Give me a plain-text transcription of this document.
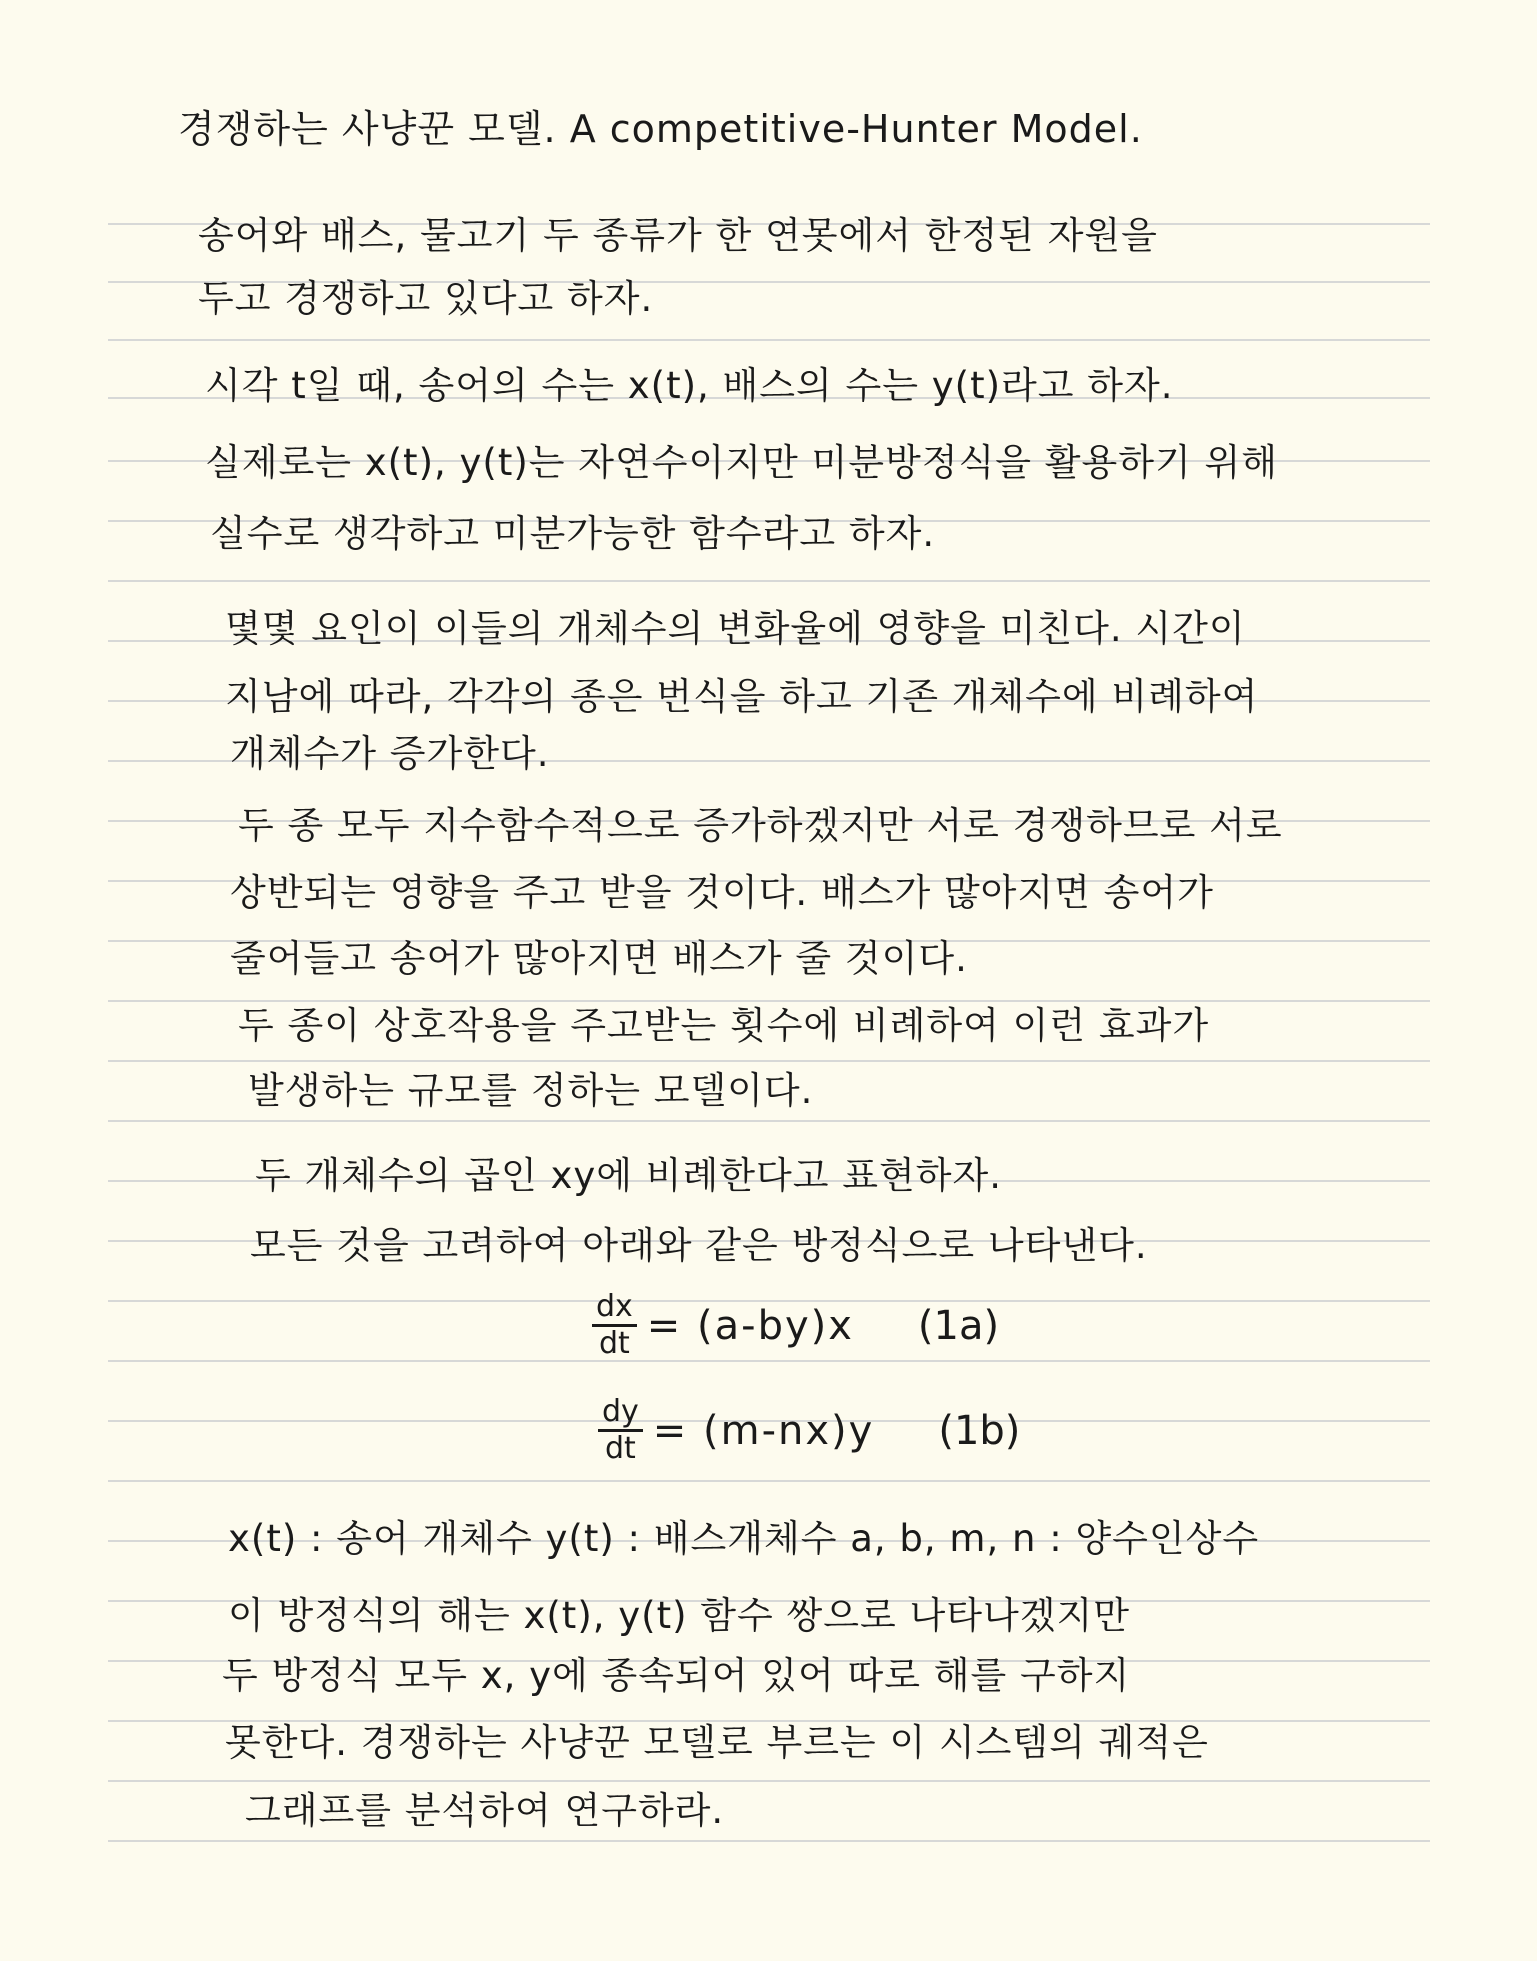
경쟁하는 사냥꾼 모델. A competitive-Hunter Model.
송어와 배스, 물고기 두 종류가 한 연못에서 한정된 자원을
두고 경쟁하고 있다고 하자.
시각 t일 때, 송어의 수는 x(t), 배스의 수는 y(t)라고 하자.
실제로는 x(t), y(t)는 자연수이지만 미분방정식을 활용하기 위해
실수로 생각하고 미분가능한 함수라고 하자.
몇몇 요인이 이들의 개체수의 변화율에 영향을 미친다. 시간이
지남에 따라, 각각의 종은 번식을 하고 기존 개체수에 비례하여
개체수가 증가한다.
두 종 모두 지수함수적으로 증가하겠지만 서로 경쟁하므로 서로
상반되는 영향을 주고 받을 것이다. 배스가 많아지면 송어가
줄어들고 송어가 많아지면 배스가 줄 것이다.
두 종이 상호작용을 주고받는 횟수에 비례하여 이런 효과가
발생하는 규모를 정하는 모델이다.
두 개체수의 곱인 xy에 비례한다고 표현하자.
모든 것을 고려하여 아래와 같은 방정식으로 나타낸다.
$\frac{dx}{dt} = (a-by)x$ (1a)
$\frac{dy}{dt} = (m-nx)y$ (1b)
x(t) : 송어 개체수 y(t) : 배스개체수 a, b, m, n : 양수인상수
이 방정식의 해는 x(t), y(t) 함수 쌍으로 나타나겠지만
두 방정식 모두 x, y에 종속되어 있어 따로 해를 구하지
못한다. 경쟁하는 사냥꾼 모델로 부르는 이 시스템의 궤적은
그래프를 분석하여 연구하라.
